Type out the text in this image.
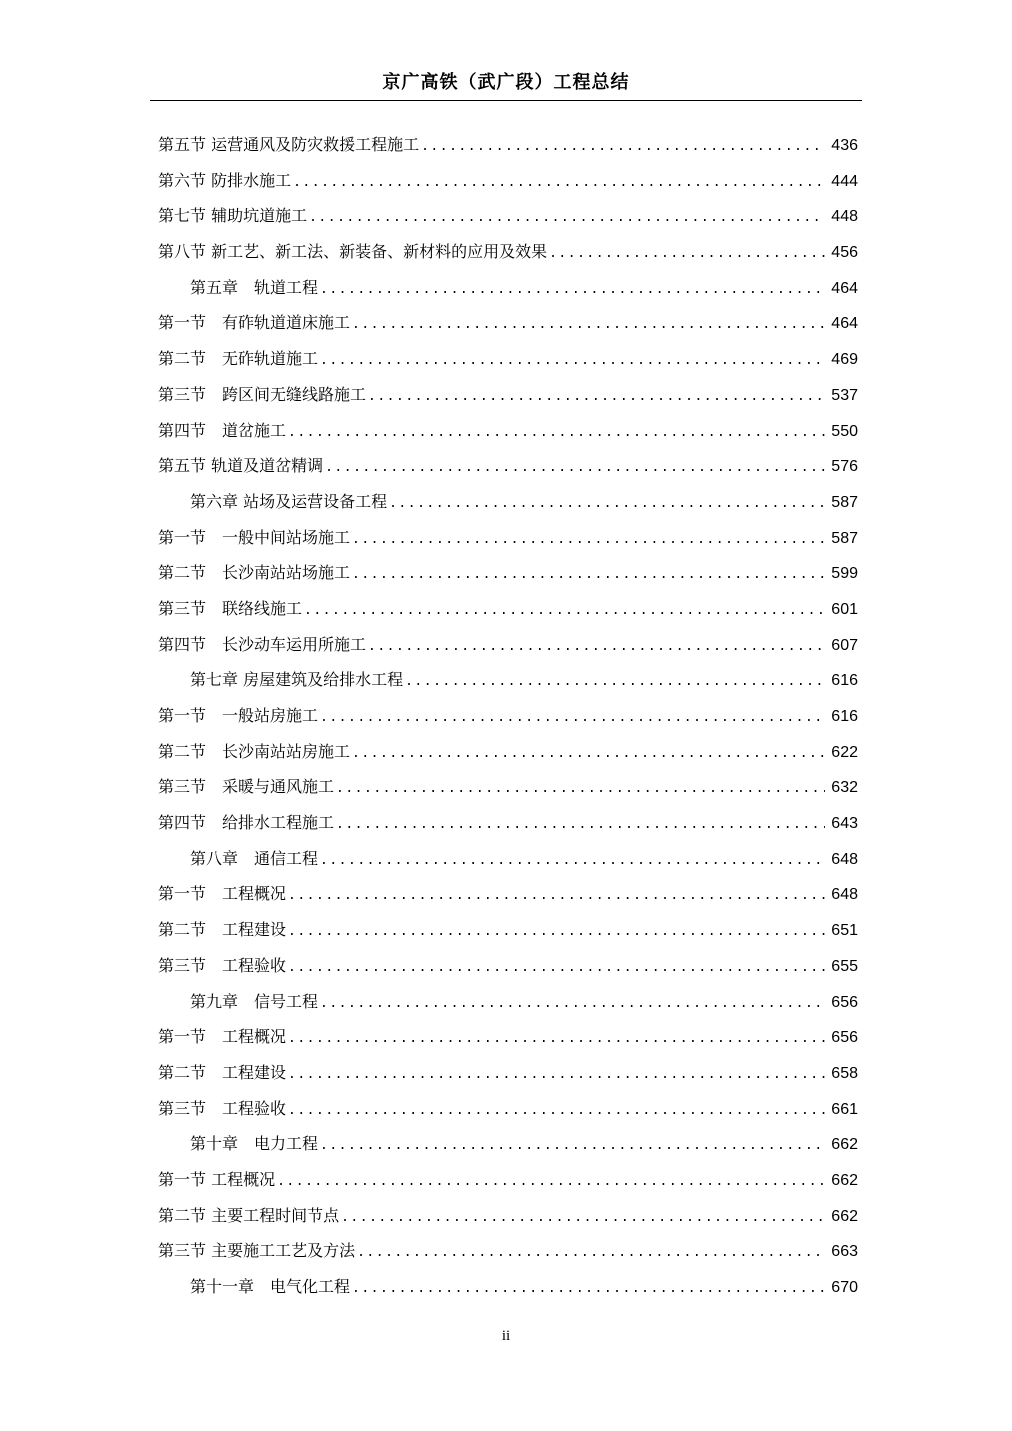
京广高铁（武广段）工程总结
第五节 运营通风及防灾救援工程施工 .....	436
第六节 防排水施工 .....	444
第七节 辅助坑道施工 .....	448
第八节 新工艺、新工法、新装备、新材料的应用及效果 .....	456
第五章　轨道工程 .....	464
第一节　有砟轨道道床施工 .....	464
第二节　无砟轨道施工 .....	469
第三节　跨区间无缝线路施工 .....	537
第四节　道岔施工 .....	550
第五节 轨道及道岔精调 .....	576
第六章 站场及运营设备工程 .....	587
第一节　一般中间站场施工 .....	587
第二节　长沙南站站场施工 .....	599
第三节　联络线施工 .....	601
第四节　长沙动车运用所施工 .....	607
第七章 房屋建筑及给排水工程 .....	616
第一节　一般站房施工 .....	616
第二节　长沙南站站房施工 .....	622
第三节　采暖与通风施工 .....	632
第四节　给排水工程施工 .....	643
第八章　通信工程 .....	648
第一节　工程概况 .....	648
第二节　工程建设 .....	651
第三节　工程验收 .....	655
第九章　信号工程 .....	656
第一节　工程概况 .....	656
第二节　工程建设 .....	658
第三节　工程验收 .....	661
第十章　电力工程 .....	662
第一节 工程概况 .....	662
第二节 主要工程时间节点 .....	662
第三节 主要施工工艺及方法 .....	663
第十一章　电气化工程 .....	670
ii
